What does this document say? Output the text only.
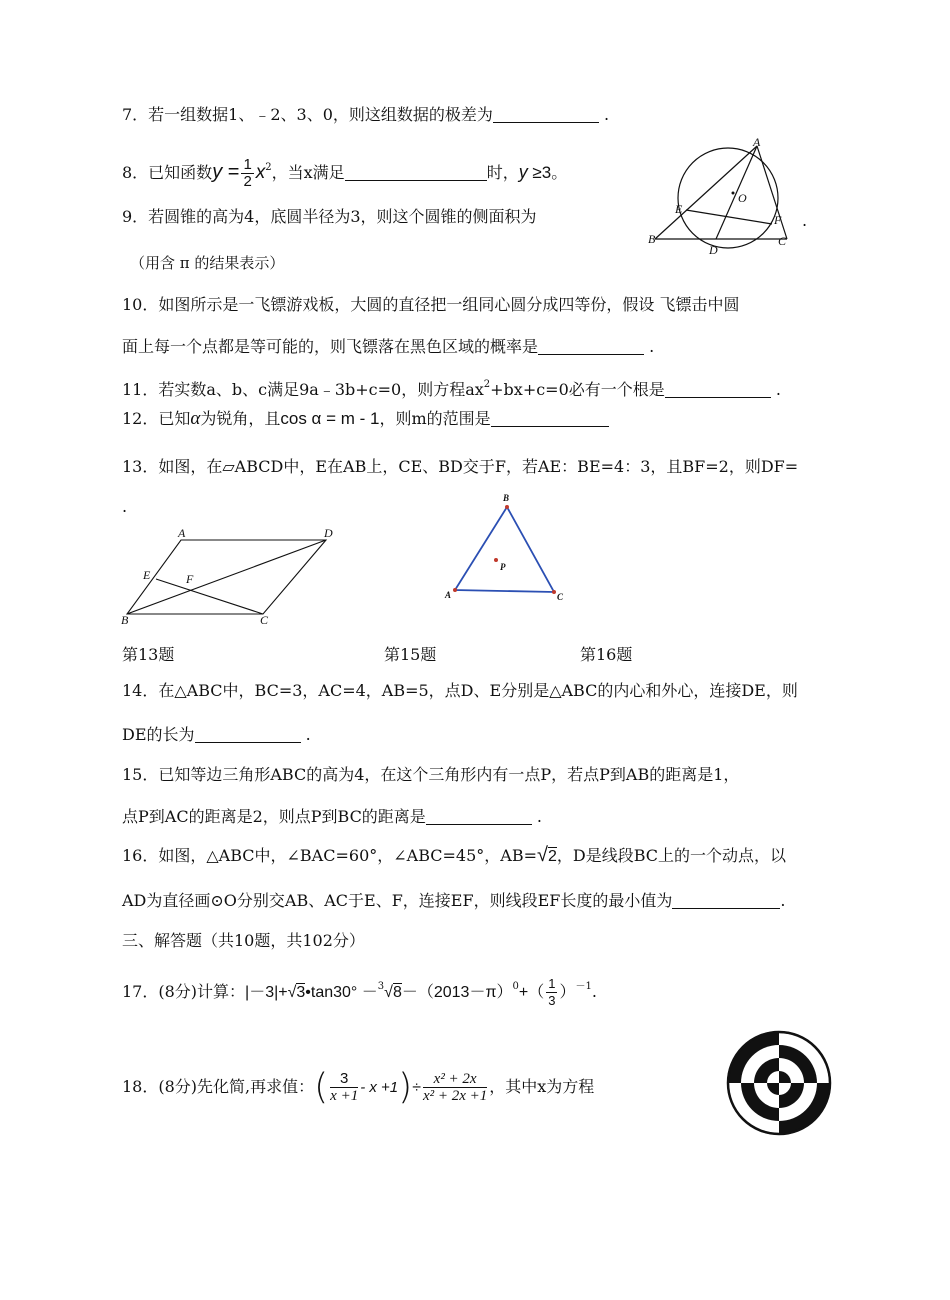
7．若一组数据1、﹣2、3、0，则这组数据的极差为	.
8．已知函数$y = \frac{1}{2} x^2$，当x满足	时，y ≥3。
9．若圆锥的高为4，底圆半径为3，则这个圆锥的侧面积为	.
（用含 π 的结果表示）
A
O
E
F
B
D
C
10．如图所示是一飞镖游戏板，大圆的直径把一组同心圆分成四等份，假设 飞镖击中圆
面上每一个点都是等可能的，则飞镖落在黑色区域的概率是	.
11．若实数a、b、c满足9a﹣3b+c=0，则方程$ax^2+bx+c=0$必有一个根是	.
12．已知α为锐角，且cos α = m - 1，则m的范围是
13．如图，在▱ABCD中，E在AB上，CE、BD交于F，若AE：BE=4：3，且BF=2，则DF=
.
A	D
E	F
B	C
B
P
A	C
第13题	第15题	第16题
14．在△ABC中，BC=3，AC=4，AB=5，点D、E分别是△ABC的内心和外心，连接DE，则
DE的长为	.
15．已知等边三角形ABC的高为4，在这个三角形内有一点P，若点P到AB的距离是1，
点P到AC的距离是2，则点P到BC的距离是	.
16．如图，△ABC中，∠BAC=60°，∠ABC=45°，AB=√2，D是线段BC上的一个动点，以
AD为直径画⊙O分别交AB、AC于E、F，连接EF，则线段EF长度的最小值为	.
三、解答题（共10题，共102分）
17．(8分)计算：|－3|+√3•tan30° $-^3√8-(2013-\pi)^0+( \frac{1}{3} )^{-1}$.
18．(8分)先化简,再求值：( $\frac{3}{x +1} - x +1)\div \frac{\text{x² + 2x}}{\text{x² + 2x +1}}$ ，其中x为方程
